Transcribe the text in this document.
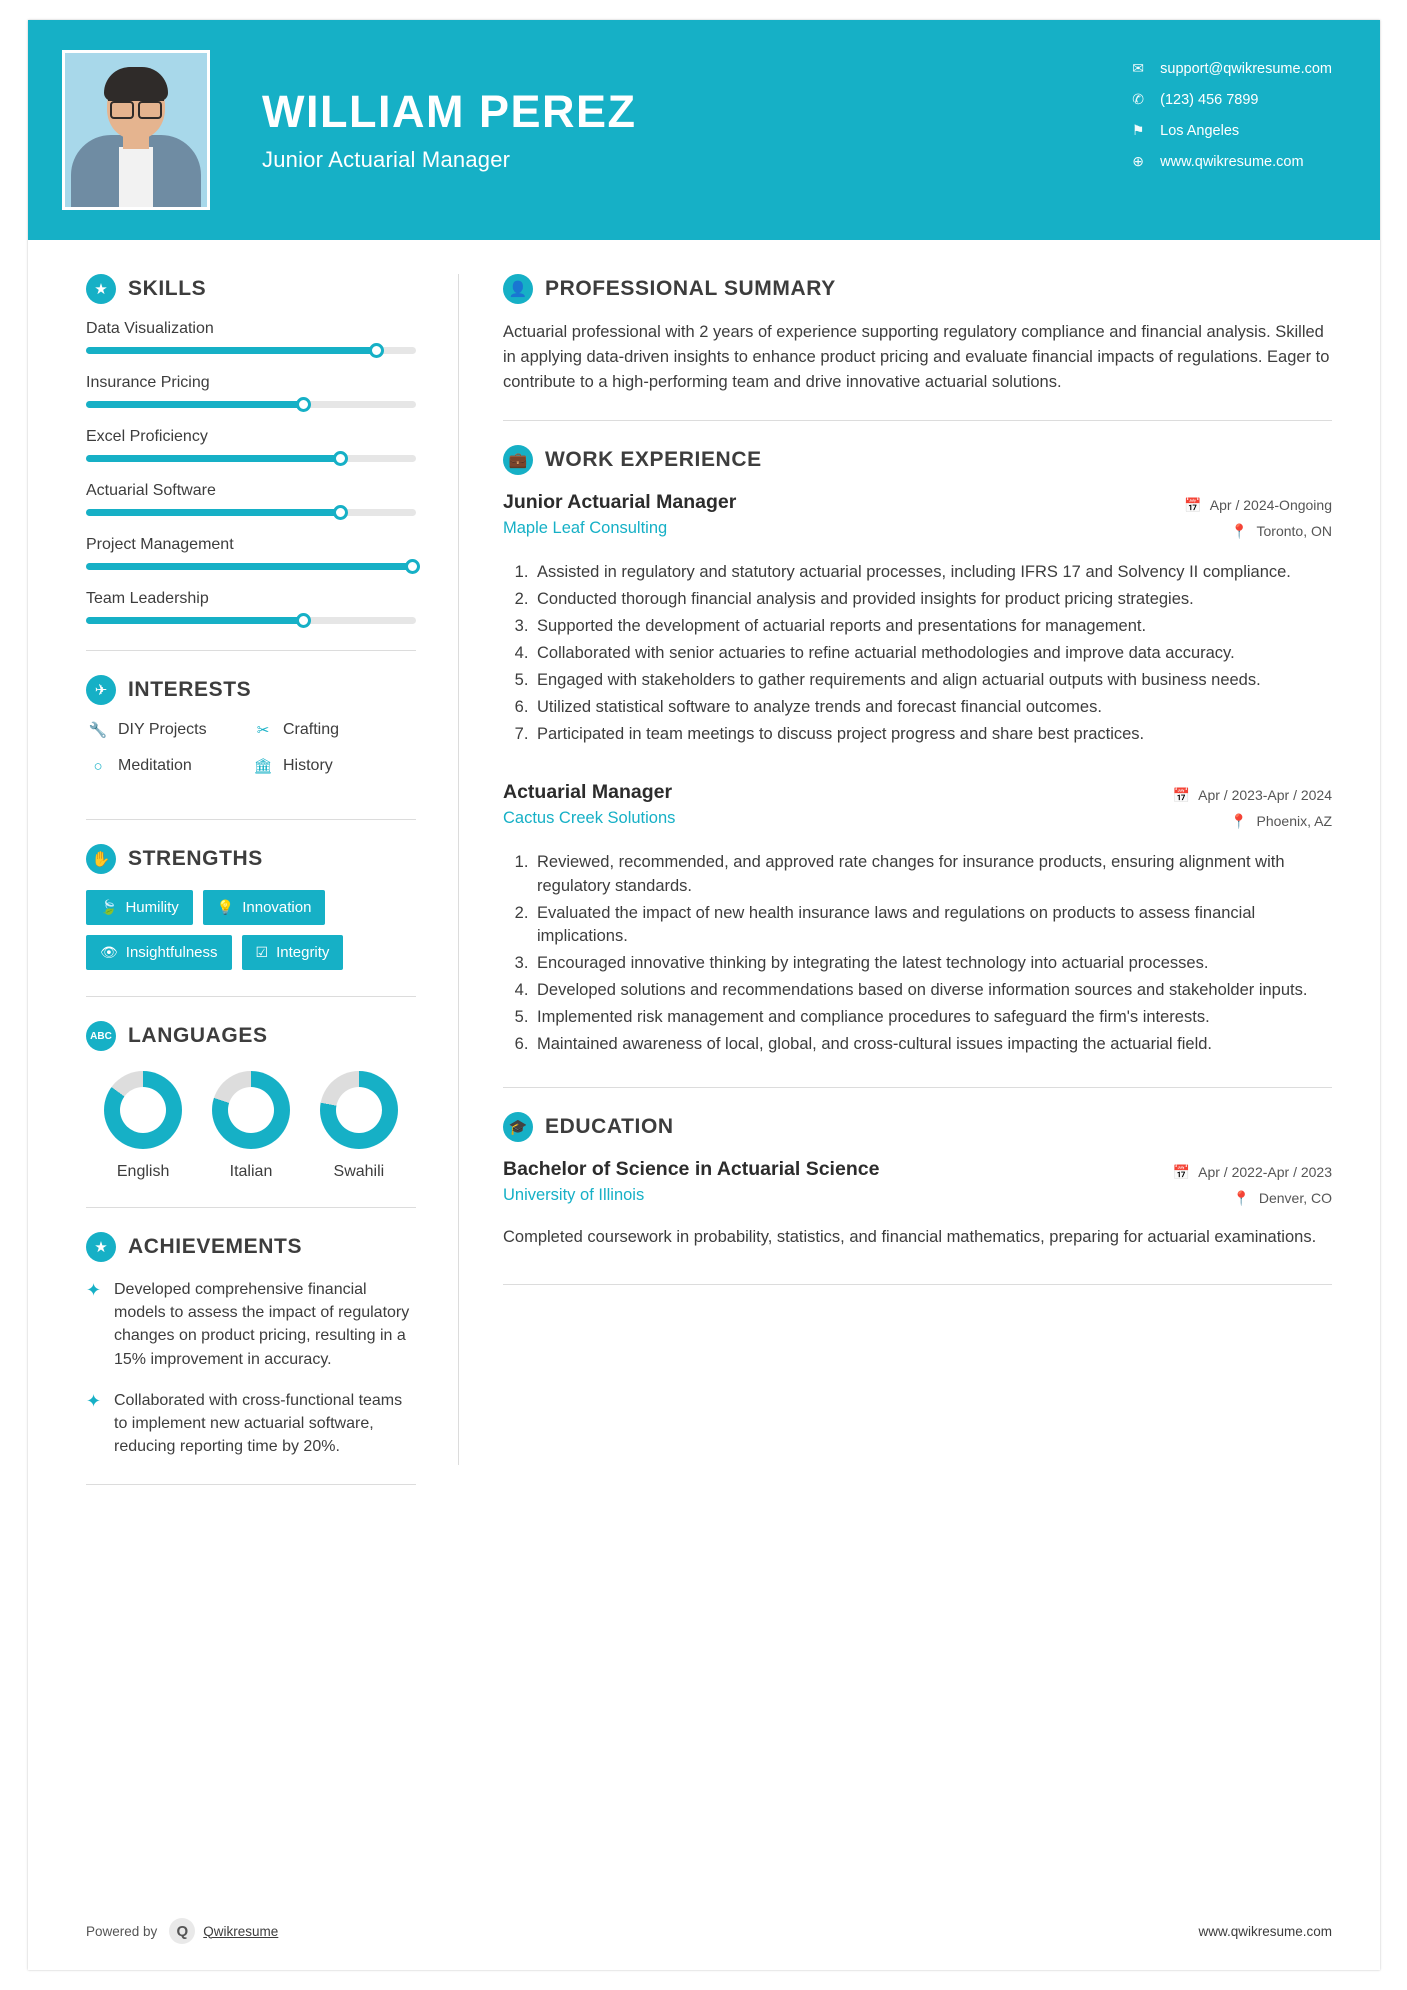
WILLIAM PEREZ
Junior Actuarial Manager
✉	support@qwikresume.com
✆	(123) 456 7899
⚑	Los Angeles
⊕	www.qwikresume.com
★ SKILLS
Data Visualization
Insurance Pricing
Excel Proficiency
Actuarial Software
Project Management
Team Leadership
✈ INTERESTS
🔧 DIY Projects	✂ Crafting
○ Meditation	🏛 History
✋ STRENGTHS
🍃 Humility	💡 Innovation
👁 Insightfulness	☑ Integrity
ABC LANGUAGES
English	Italian	Swahili
★ ACHIEVEMENTS
✦ Developed comprehensive financial models to assess the impact of regulatory changes on product pricing, resulting in a 15% improvement in accuracy.
✦ Collaborated with cross-functional teams to implement new actuarial software, reducing reporting time by 20%.
👤 PROFESSIONAL SUMMARY
Actuarial professional with 2 years of experience supporting regulatory compliance and financial analysis. Skilled in applying data-driven insights to enhance product pricing and evaluate financial impacts of regulations. Eager to contribute to a high-performing team and drive innovative actuarial solutions.
💼 WORK EXPERIENCE
Junior Actuarial Manager
Maple Leaf Consulting
📅 Apr / 2024-Ongoing
📍 Toronto, ON
1. Assisted in regulatory and statutory actuarial processes, including IFRS 17 and Solvency II compliance.
2. Conducted thorough financial analysis and provided insights for product pricing strategies.
3. Supported the development of actuarial reports and presentations for management.
4. Collaborated with senior actuaries to refine actuarial methodologies and improve data accuracy.
5. Engaged with stakeholders to gather requirements and align actuarial outputs with business needs.
6. Utilized statistical software to analyze trends and forecast financial outcomes.
7. Participated in team meetings to discuss project progress and share best practices.
Actuarial Manager
Cactus Creek Solutions
📅 Apr / 2023-Apr / 2024
📍 Phoenix, AZ
1. Reviewed, recommended, and approved rate changes for insurance products, ensuring alignment with regulatory standards.
2. Evaluated the impact of new health insurance laws and regulations on products to assess financial implications.
3. Encouraged innovative thinking by integrating the latest technology into actuarial processes.
4. Developed solutions and recommendations based on diverse information sources and stakeholder inputs.
5. Implemented risk management and compliance procedures to safeguard the firm's interests.
6. Maintained awareness of local, global, and cross-cultural issues impacting the actuarial field.
🎓 EDUCATION
Bachelor of Science in Actuarial Science
University of Illinois
📅 Apr / 2022-Apr / 2023
📍 Denver, CO
Completed coursework in probability, statistics, and financial mathematics, preparing for actuarial examinations.
Powered by	Q	Qwikresume	www.qwikresume.com
